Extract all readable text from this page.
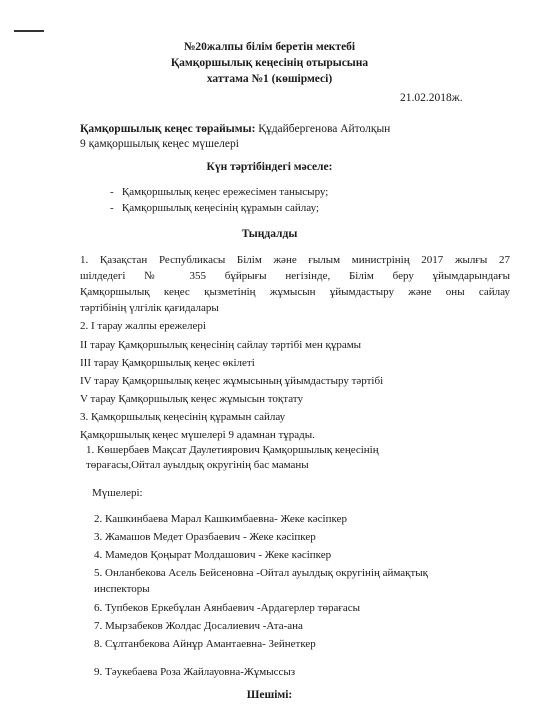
№20жалпы білім беретін мектебі
Қамқоршылық кеңесінің отырысына
хаттама №1 (көшірмесі)
21.02.2018ж.
Қамқоршылық кеңес төрайымы: Құдайбергенова Айтолқын
9 қамқоршылық кеңес мүшелері
Күн тәртібіндегі мәселе:
-   Қамқоршылық кеңес ережесімен танысыру;
-   Қамқоршылық кеңесінің құрамын сайлау;
Тыңдалды
1. Қазақстан Республикасы Білім және ғылым министрінің 2017 жылғы 27
шілдедегі № 355 бұйрығы негізінде, Білім беру ұйымдарындағы
Қамқоршылық кеңес қызметінің жұмысын ұйымдастыру және оны сайлау
тәртібінің үлгілік қағидалары
2. І тарау жалпы ережелері
ІІ тарау Қамқоршылық кеңесінің сайлау тәртібі мен құрамы
ІІІ тарау Қамқоршылық кеңес өкілеті
IV тарау Қамқоршылық кеңес жұмысының ұйымдастыру тәртібі
V тарау Қамқоршылық кеңес жұмысын тоқтату
3. Қамқоршылық кеңесінің құрамын сайлау
Қамқоршылық кеңес мүшелері 9 адамнан тұрады.
1. Көшербаев Мақсат Даулетиярович Қамқоршылық кеңесінің
төрағасы,Ойтал ауылдық округінің бас маманы
Мүшелері:
2. Кашкинбаева Марал Кашкимбаевна- Жеке кәсіпкер
3. Жамашов Медет Оразбаевич - Жеке кәсіпкер
4. Мамедов Қоңырат Молдашович - Жеке кәсіпкер
5. Онланбекова Асель Бейсеновна -Ойтал ауылдық округінің аймақтық
инспекторы
6. Тупбеков Еркебұлан Аянбаевич -Ардагерлер төрағасы
7. Мырзабеков Жолдас Досалиевич -Ата-ана
8. Сұлтанбекова Айнұр Амантаевна- Зейнеткер
9. Тәукебаева Роза Жайлауовна-Жұмыссыз
Шешімі:
